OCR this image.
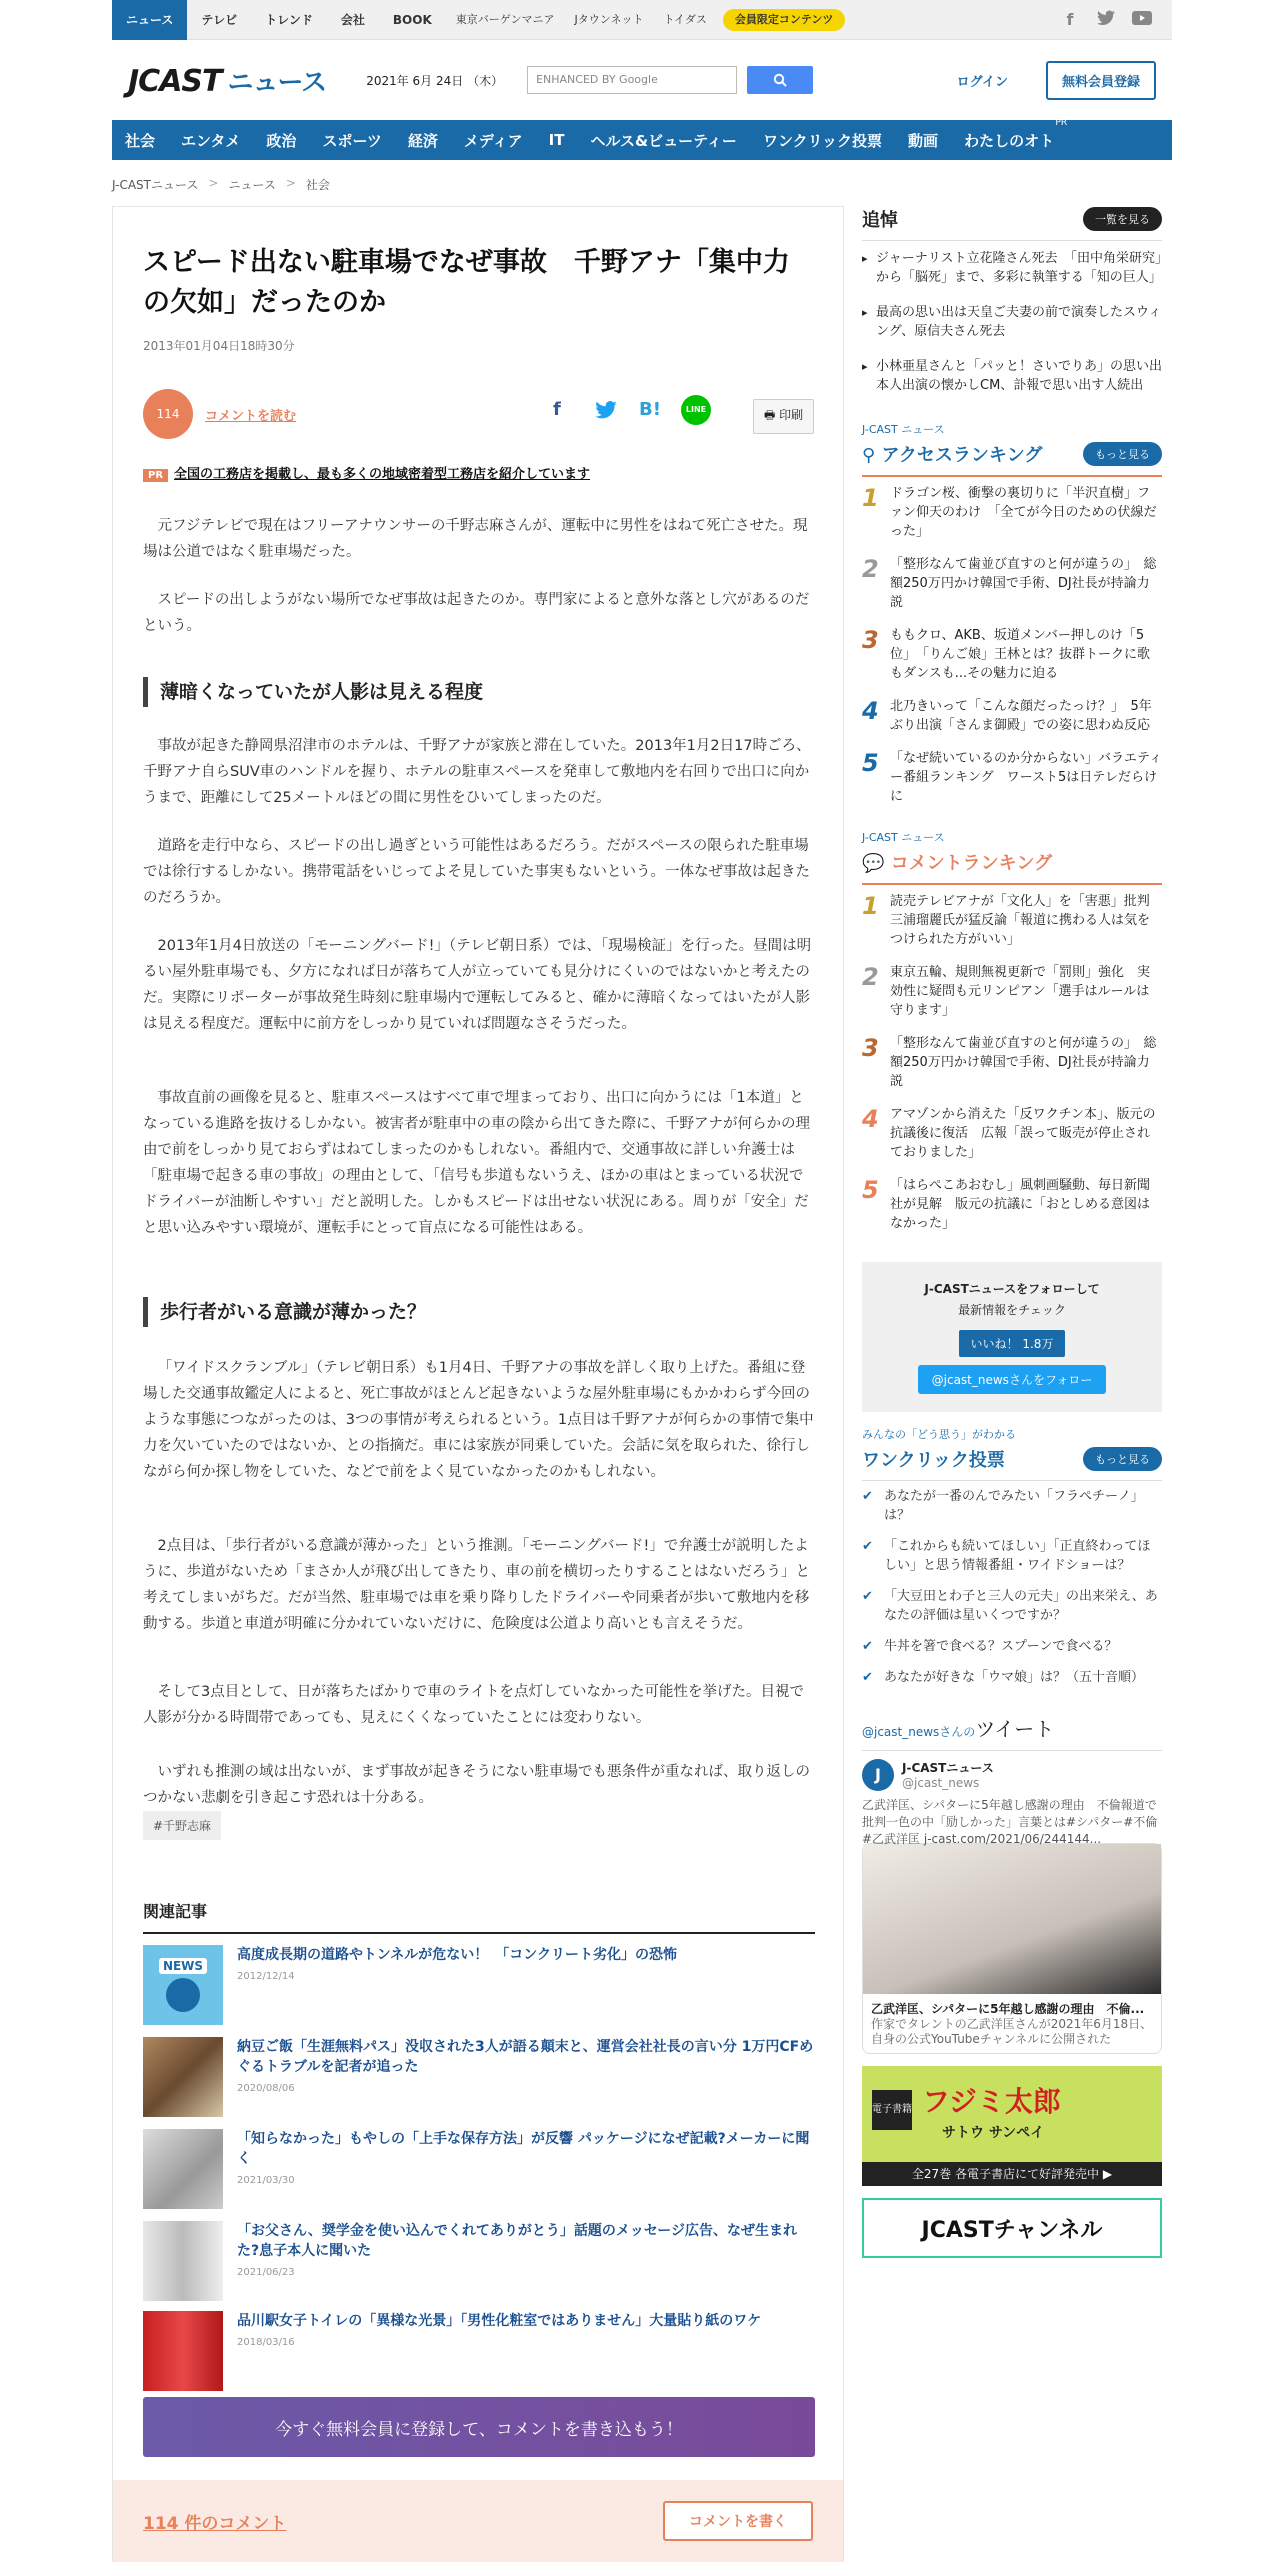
ニュース	テレビ	トレンド	会社	BOOK	東京バーゲンマニア	Jタウンネット	トイダス	会員限定コンテンツ	f
JCAST ニュース	2021年 6月 24日 （木）	ENHANCED BY Google	ログイン	無料会員登録
社会	エンタメ	政治	スポーツ	経済	メディア	IT	ヘルス&ビューティー	ワンクリック投票	動画	わたしのオト
PR
J-CASTニュース > ニュース > 社会
スピード出ない駐車場でなぜ事故　千野アナ「集中力の欠如」だったのか
2013年01月04日18時30分
114	コメントを読む	f	B!	LINE	🖶 印刷
PR 全国の工務店を掲載し、最も多くの地域密着型工務店を紹介しています

元フジテレビで現在はフリーアナウンサーの千野志麻さんが、運転中に男性をはねて死亡させた。現場は公道ではなく駐車場だった。

スピードの出しようがない場所でなぜ事故は起きたのか。専門家によると意外な落とし穴があるのだという。

薄暗くなっていたが人影は見える程度

事故が起きた静岡県沼津市のホテルは、千野アナが家族と滞在していた。2013年1月2日17時ごろ、千野アナ自らSUV車のハンドルを握り、ホテルの駐車スペースを発車して敷地内を右回りで出口に向かうまで、距離にして25メートルほどの間に男性をひいてしまったのだ。

道路を走行中なら、スピードの出し過ぎという可能性はあるだろう。だがスペースの限られた駐車場では徐行するしかない。携帯電話をいじってよそ見していた事実もないという。一体なぜ事故は起きたのだろうか。

2013年1月4日放送の「モーニングバード!」（テレビ朝日系）では、「現場検証」を行った。昼間は明るい屋外駐車場でも、夕方になれば日が落ちて人が立っていても見分けにくいのではないかと考えたのだ。実際にリポーターが事故発生時刻に駐車場内で運転してみると、確かに薄暗くなってはいたが人影は見える程度だ。運転中に前方をしっかり見ていれば問題なさそうだった。

事故直前の画像を見ると、駐車スペースはすべて車で埋まっており、出口に向かうには「1本道」となっている進路を抜けるしかない。被害者が駐車中の車の陰から出てきた際に、千野アナが何らかの理由で前をしっかり見ておらずはねてしまったのかもしれない。番組内で、交通事故に詳しい弁護士は「駐車場で起きる車の事故」の理由として、「信号も歩道もないうえ、ほかの車はとまっている状況でドライバーが油断しやすい」だと説明した。しかもスピードは出せない状況にある。周りが「安全」だと思い込みやすい環境が、運転手にとって盲点になる可能性はある。

歩行者がいる意識が薄かった？

「ワイドスクランブル」（テレビ朝日系）も1月4日、千野アナの事故を詳しく取り上げた。番組に登場した交通事故鑑定人によると、死亡事故がほとんど起きないような屋外駐車場にもかかわらず今回のような事態につながったのは、3つの事情が考えられるという。1点目は千野アナが何らかの事情で集中力を欠いていたのではないか、との指摘だ。車には家族が同乗していた。会話に気を取られた、徐行しながら何か探し物をしていた、などで前をよく見ていなかったのかもしれない。

2点目は、「歩行者がいる意識が薄かった」という推測。「モーニングバード!」で弁護士が説明したように、歩道がないため「まさか人が飛び出してきたり、車の前を横切ったりすることはないだろう」と考えてしまいがちだ。だが当然、駐車場では車を乗り降りしたドライバーや同乗者が歩いて敷地内を移動する。歩道と車道が明確に分かれていないだけに、危険度は公道より高いとも言えそうだ。

そして3点目として、日が落ちたばかりで車のライトを点灯していなかった可能性を挙げた。目視で人影が分かる時間帯であっても、見えにくくなっていたことには変わりない。

いずれも推測の域は出ないが、まず事故が起きそうにない駐車場でも悪条件が重なれば、取り返しのつかない悲劇を引き起こす恐れは十分ある。

#千野志麻
関連記事
NEWS
高度成長期の道路やトンネルが危ない！　「コンクリート劣化」の恐怖
2012/12/14
納豆ご飯「生涯無料パス」没収された3人が語る顛末と、運営会社社長の言い分 1万円CFめぐるトラブルを記者が追った
2020/08/06
「知らなかった」もやしの「上手な保存方法」が反響 パッケージになぜ記載?メーカーに聞く
2021/03/30
「お父さん、奨学金を使い込んでくれてありがとう」話題のメッセージ広告、なぜ生まれた?息子本人に聞いた
2021/06/23
品川駅女子トイレの「異様な光景」「男性化粧室ではありません」大量貼り紙のワケ
2018/03/16
今すぐ無料会員に登録して、コメントを書き込もう！
114 件のコメント	コメントを書く
追悼	一覧を見る
▸ ジャーナリスト立花隆さん死去　「田中角栄研究」から「脳死」まで、多彩に執筆する「知の巨人」
▸ 最高の思い出は天皇ご夫妻の前で演奏したスウィング、原信夫さん死去
▸ 小林亜星さんと「パッと！さいでりあ」の思い出　本人出演の懐かしCM、訃報で思い出す人続出
J-CAST ニュース
⚲ アクセスランキング	もっと見る
1 ドラゴン桜、衝撃の裏切りに「半沢直樹」ファン仰天のわけ　「全てが今日のための伏線だった」
2 「整形なんて歯並び直すのと何が違うの」　総額250万円かけ韓国で手術、DJ社長が持論力説
3 ももクロ、AKB、坂道メンバー押しのけ「5位」　「りんご娘」王林とは？抜群トークに歌もダンスも...その魅力に迫る
4 北乃きいって「こんな顔だったっけ？」　5年ぶり出演「さんま御殿」での姿に思わぬ反応
5 「なぜ続いているのか分からない」バラエティー番組ランキング　ワースト5は日テレだらけに
J-CAST ニュース
💬 コメントランキング
1 読売テレビアナが「文化人」を「害悪」批判　三浦瑠麗氏が猛反論「報道に携わる人は気をつけられた方がいい」
2 東京五輪、規則無視更新で「罰則」強化　実効性に疑問も元リンピアン「選手はルールは守ります」
3 「整形なんて歯並び直すのと何が違うの」　総額250万円かけ韓国で手術、DJ社長が持論力説
4 アマゾンから消えた「反ワクチン本」、版元の抗議後に復活　広報「誤って販売が停止されておりました」
5 「はらぺこあおむし」風刺画騒動、毎日新聞社が見解　版元の抗議に「おとしめる意図はなかった」
J-CASTニュースをフォローして
最新情報をチェック
いいね！ 1.8万
@jcast_newsさんをフォロー
みんなの「どう思う」がわかる
ワンクリック投票	もっと見る
✔ あなたが一番のんでみたい「フラペチーノ」は？
✔ 「これからも続いてほしい」「正直終わってほしい」と思う情報番組・ワイドショーは？
✔ 「大豆田とわ子と三人の元夫」の出来栄え、あなたの評価は星いくつですか？
✔ 牛丼を箸で食べる？スプーンで食べる？
✔ あなたが好きな「ウマ娘」は？（五十音順）
@jcast_newsさんのツイート
J	J-CASTニュース
@jcast_news
乙武洋匡、シパターに5年越し感謝の理由　不倫報道で批判一色の中「励しかった」言葉とは#シパター#不倫 #乙武洋匡 j-cast.com/2021/06/244144...
乙武洋匡、シパターに5年越し感謝の理由　不倫...
作家でタレントの乙武洋匡さんが2021年6月18日、自身の公式YouTubeチャンネルに公開された
電子書籍 フジミ太郎
サトウ サンペイ
全27巻 各電子書店にて好評発売中 ▶
JCASTチャンネル
